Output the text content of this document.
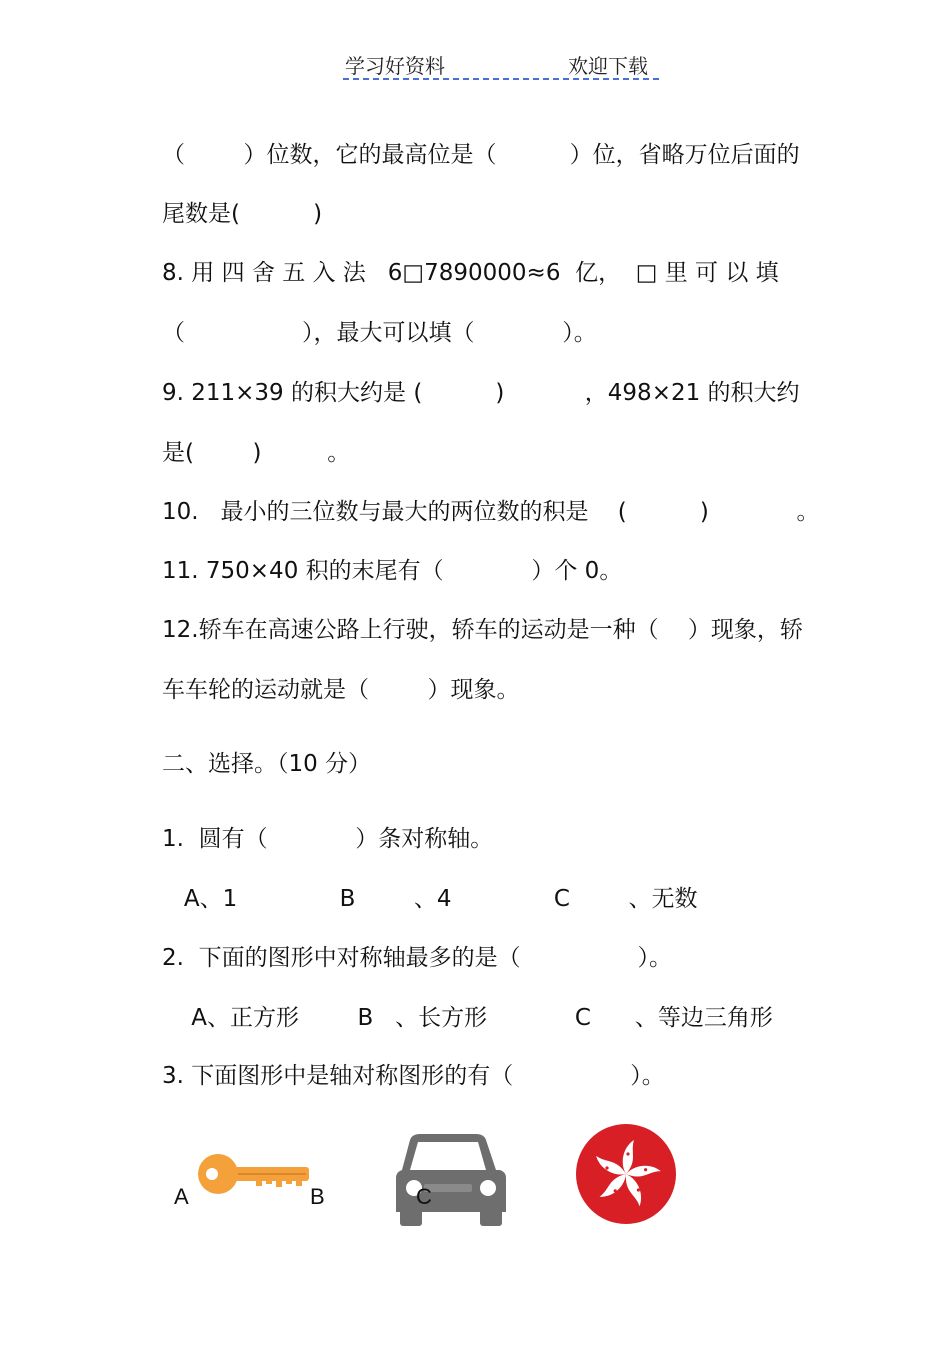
学习好资料	欢迎下载
（        ）位数，它的最高位是（          ）位，省略万位后面的
尾数是(          )
8. 用 四 舍 五 入 法   6□7890000≈6  亿，  □ 里 可 以 填
（                ），最大可以填（            ）。
9. 211×39 的积大约是 (          )           ，498×21 的积大约
是(        )         。
10.   最小的三位数与最大的两位数的积是    (          )            。
11. 750×40 积的末尾有（            ）个 0。
12.轿车在高速公路上行驶，轿车的运动是一种（    ）现象，轿
车车轮的运动就是（        ）现象。
二、选择。（10 分）
1.  圆有（            ）条对称轴。
A、1              B        、4              C        、无数
2.  下面的图形中对称轴最多的是（                ）。
A、正方形        B   、长方形            C      、等边三角形
3. 下面图形中是轴对称图形的有（                ）。
A	B	C
